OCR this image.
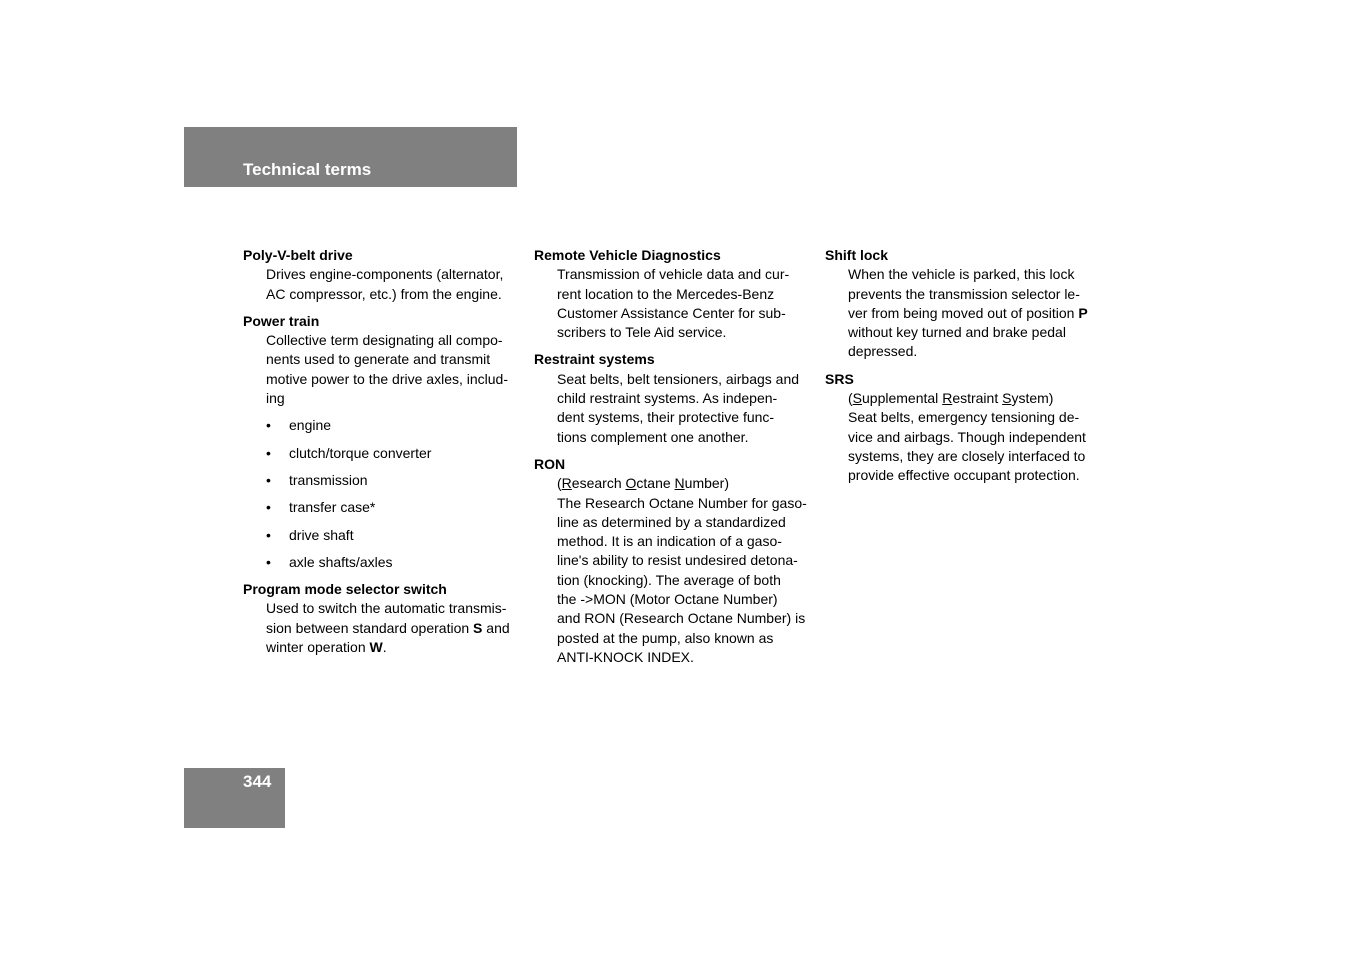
Technical terms
Poly-V-belt drive
Drives engine-components (alternator,
AC compressor, etc.) from the engine.
Power train
Collective term designating all compo-
nents used to generate and transmit
motive power to the drive axles, includ-
ing
• engine
• clutch/torque converter
• transmission
• transfer case*
• drive shaft
• axle shafts/axles
Program mode selector switch
Used to switch the automatic transmis-
sion between standard operation S and
winter operation W.
Remote Vehicle Diagnostics
Transmission of vehicle data and cur-
rent location to the Mercedes-Benz
Customer Assistance Center for sub-
scribers to Tele Aid service.
Restraint systems
Seat belts, belt tensioners, airbags and
child restraint systems. As indepen-
dent systems, their protective func-
tions complement one another.
RON
(Research Octane Number)
The Research Octane Number for gaso-
line as determined by a standardized
method. It is an indication of a gaso-
line's ability to resist undesired detona-
tion (knocking). The average of both
the ->MON (Motor Octane Number)
and RON (Research Octane Number) is
posted at the pump, also known as
ANTI-KNOCK INDEX.
Shift lock
When the vehicle is parked, this lock
prevents the transmission selector le-
ver from being moved out of position P
without key turned and brake pedal
depressed.
SRS
(Supplemental Restraint System)
Seat belts, emergency tensioning de-
vice and airbags. Though independent
systems, they are closely interfaced to
provide effective occupant protection.
344
